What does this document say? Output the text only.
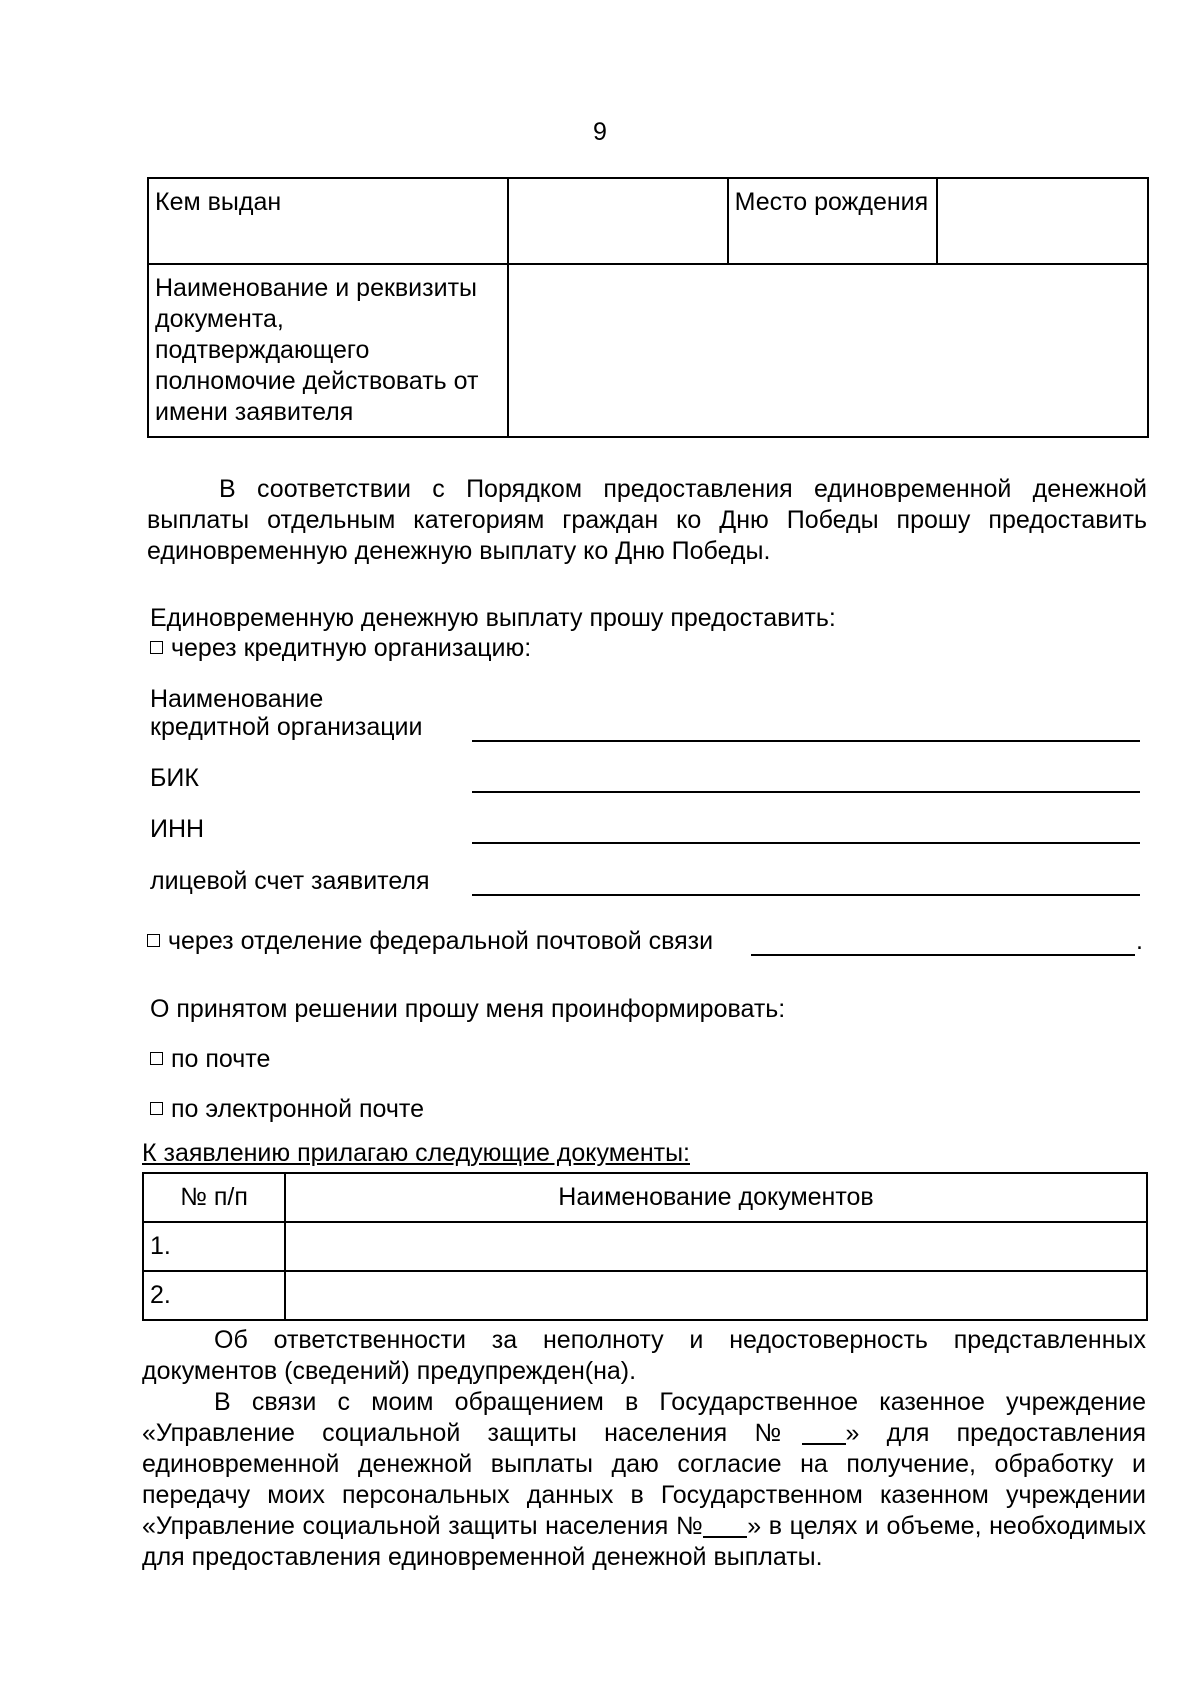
9
Кем выдан		Место рождения	
Наименование и реквизиты документа, подтверждающего полномочие действовать от имени заявителя			
В соответствии с Порядком предоставления единовременной денежной выплаты отдельным категориям граждан ко Дню Победы прошу предоставить единовременную денежную выплату ко Дню Победы.
Единовременную денежную выплату прошу предоставить:
через кредитную организацию:
Наименование
кредитной организации
БИК
ИНН
лицевой счет заявителя
через отделение федеральной почтовой связи	.
О принятом решении прошу меня проинформировать:
по почте
по электронной почте
К заявлению прилагаю следующие документы:
№ п/п	Наименование документов
1.	
2.	
Об ответственности за неполноту и недостоверность представленных документов (сведений) предупрежден(на).
В связи с моим обращением в Государственное казенное учреждение «Управление социальной защиты населения № » для предоставления единовременной денежной выплаты даю согласие на получение, обработку и передачу моих персональных данных в Государственном казенном учреждении «Управление социальной защиты населения № » в целях и объеме, необходимых для предоставления единовременной денежной выплаты.
